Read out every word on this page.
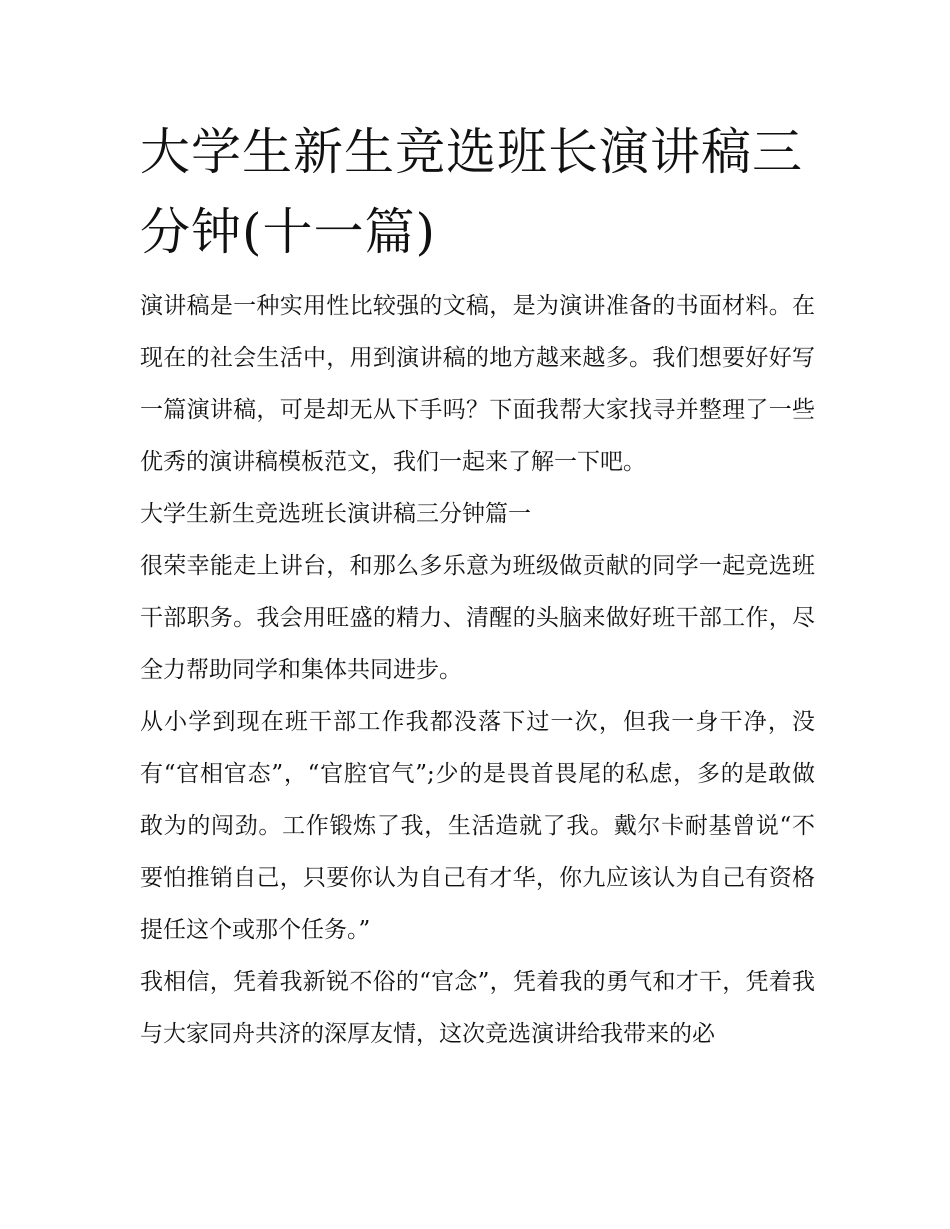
大学生新生竞选班长演讲稿三分钟(十一篇)

演讲稿是一种实用性比较强的文稿，是为演讲准备的书面材料。在现在的社会生活中，用到演讲稿的地方越来越多。我们想要好好写一篇演讲稿，可是却无从下手吗？下面我帮大家找寻并整理了一些优秀的演讲稿模板范文，我们一起来了解一下吧。

大学生新生竞选班长演讲稿三分钟篇一

很荣幸能走上讲台，和那么多乐意为班级做贡献的同学一起竞选班干部职务。我会用旺盛的精力、清醒的头脑来做好班干部工作，尽全力帮助同学和集体共同进步。

从小学到现在班干部工作我都没落下过一次，但我一身干净，没有“官相官态”，“官腔官气”;少的是畏首畏尾的私虑，多的是敢做敢为的闯劲。工作锻炼了我，生活造就了我。戴尔卡耐基曾说“不要怕推销自己，只要你认为自己有才华，你九应该认为自己有资格提任这个或那个任务。”

我相信，凭着我新锐不俗的“官念”，凭着我的勇气和才干，凭着我与大家同舟共济的深厚友情，这次竞选演讲给我带来的必
